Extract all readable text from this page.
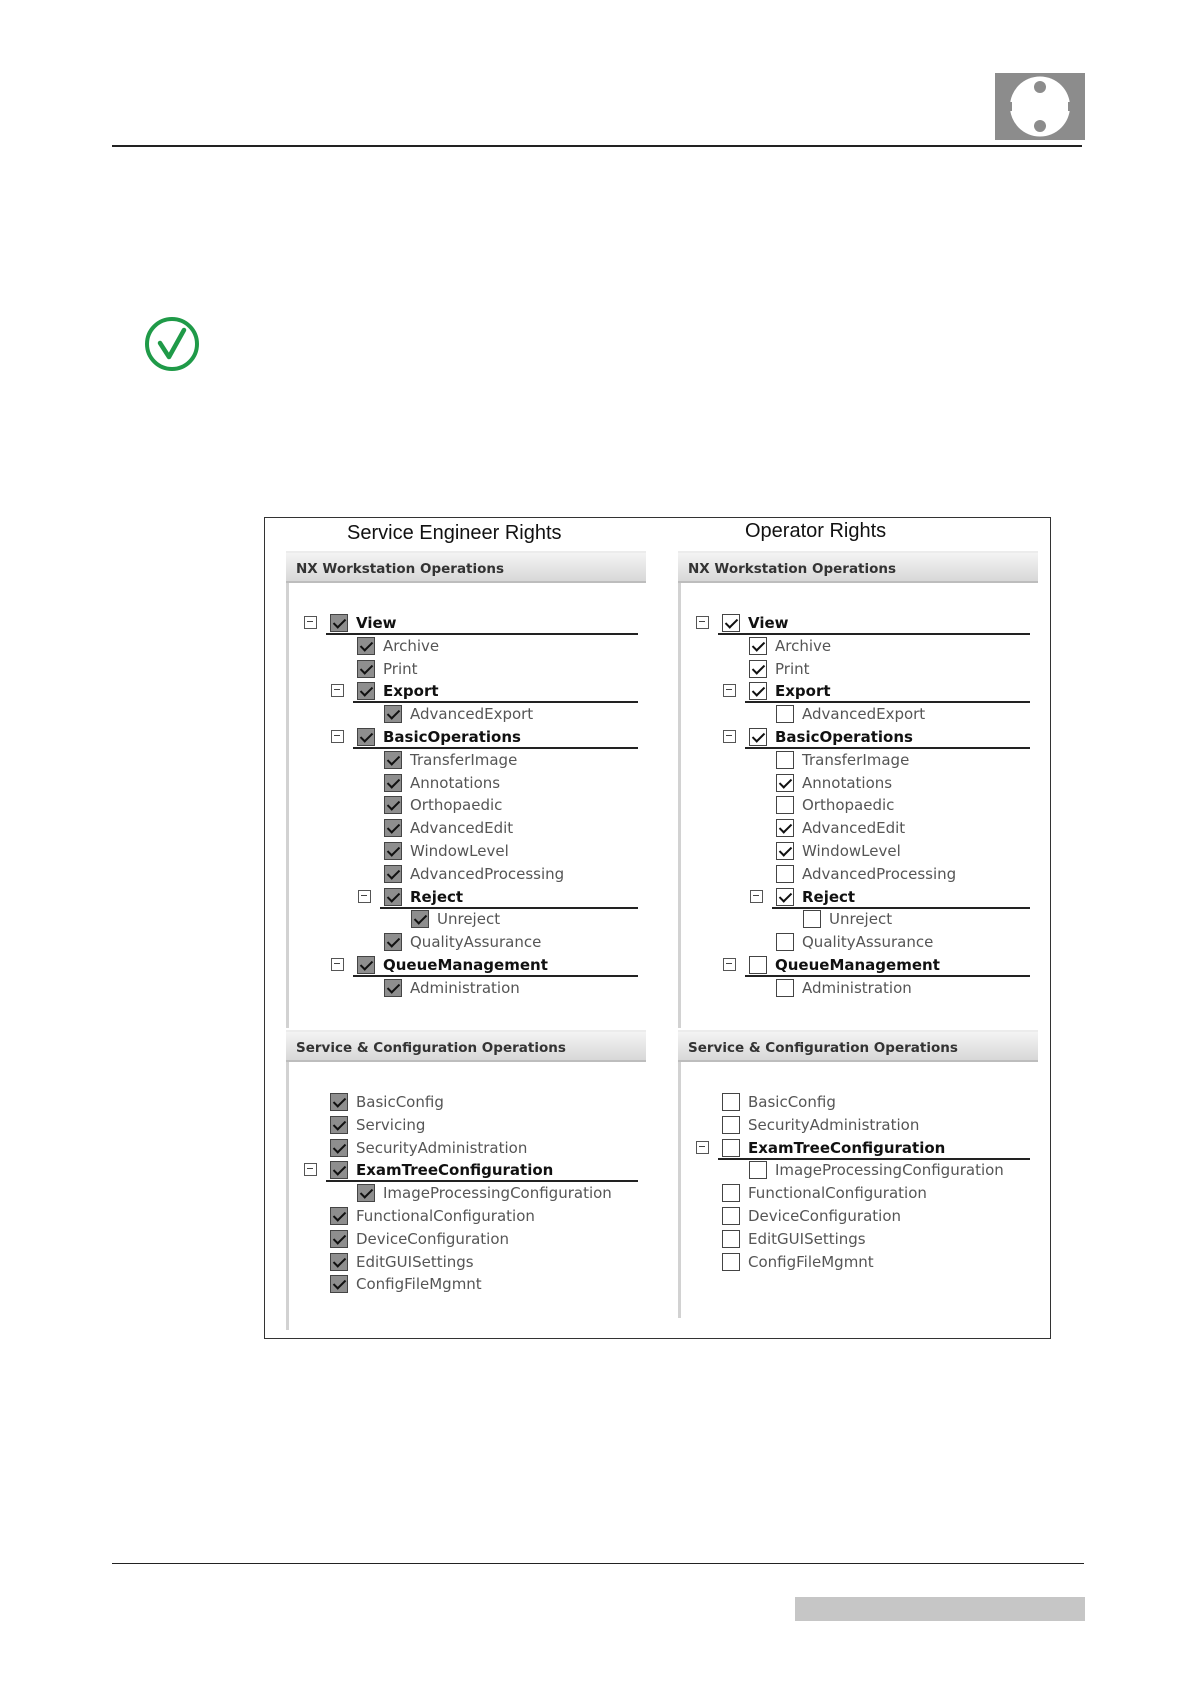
Service Engineer Rights	Operator Rights
NX Workstation Operations
View
Archive
Print
Export
AdvancedExport
BasicOperations
TransferImage
Annotations
Orthopaedic
AdvancedEdit
WindowLevel
AdvancedProcessing
Reject
Unreject
QualityAssurance
QueueManagement
Administration
Service & Configuration Operations
BasicConfig
Servicing
SecurityAdministration
ExamTreeConfiguration
ImageProcessingConfiguration
FunctionalConfiguration
DeviceConfiguration
EditGUISettings
ConfigFileMgmnt
NX Workstation Operations
View
Archive
Print
Export
AdvancedExport
BasicOperations
TransferImage
Annotations
Orthopaedic
AdvancedEdit
WindowLevel
AdvancedProcessing
Reject
Unreject
QualityAssurance
QueueManagement
Administration
Service & Configuration Operations
BasicConfig
SecurityAdministration
ExamTreeConfiguration
ImageProcessingConfiguration
FunctionalConfiguration
DeviceConfiguration
EditGUISettings
ConfigFileMgmnt
